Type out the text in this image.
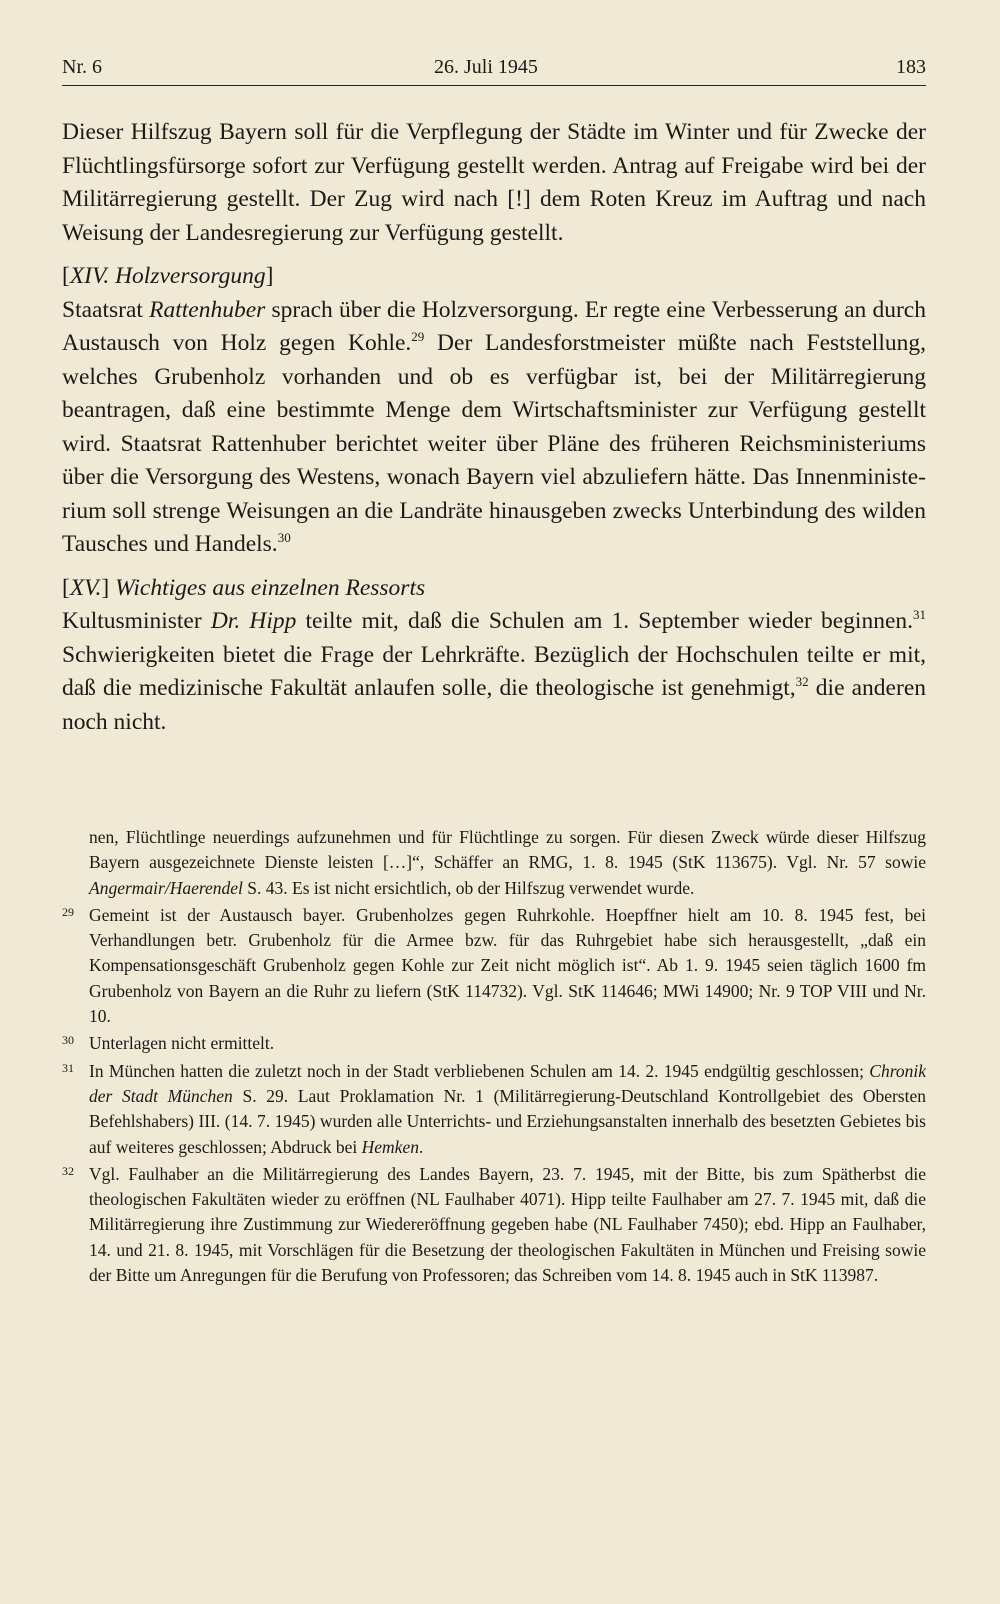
Nr. 6	26. Juli 1945	183

Dieser Hilfszug Bayern soll für die Verpflegung der Städte im Winter und für Zwecke der Flüchtlingsfürsorge sofort zur Verfügung gestellt werden. Antrag auf Freigabe wird bei der Militärregierung gestellt. Der Zug wird nach [!] dem Roten Kreuz im Auftrag und nach Weisung der Landesregierung zur Verfügung gestellt.

[XIV. Holzversorgung]

Staatsrat Rattenhuber sprach über die Holzversorgung. Er regte eine Verbesserung an durch Austausch von Holz gegen Kohle.$^{29}$ Der Landesforstmeister müßte nach Feststellung, welches Grubenholz vorhanden und ob es verfügbar ist, bei der Militärregierung beantragen, daß eine bestimmte Menge dem Wirtschaftsminister zur Verfügung gestellt wird. Staatsrat Rattenhuber berichtet weiter über Pläne des früheren Reichsministeriums über die Versorgung des Westens, wonach Bayern viel abzuliefern hätte. Das Innenministerium soll strenge Weisungen an die Landräte hinausgeben zwecks Unterbindung des wilden Tausches und Handels.$^{30}$

[XV.] Wichtiges aus einzelnen Ressorts

Kultusminister Dr. Hipp teilte mit, daß die Schulen am 1. September wieder beginnen.$^{31}$ Schwierigkeiten bietet die Frage der Lehrkräfte. Bezüglich der Hochschulen teilte er mit, daß die medizinische Fakultät anlaufen solle, die theologische ist genehmigt,$^{32}$ die anderen noch nicht.

nen, Flüchtlinge neuerdings aufzunehmen und für Flüchtlinge zu sorgen. Für diesen Zweck würde dieser Hilfszug Bayern ausgezeichnete Dienste leisten […]“, Schäffer an RMG, 1. 8. 1945 (StK 113675). Vgl. Nr. 57 sowie Angermair/Haerendel S. 43. Es ist nicht ersichtlich, ob der Hilfszug verwendet wurde.
29 Gemeint ist der Austausch bayer. Grubenholzes gegen Ruhrkohle. Hoepffner hielt am 10. 8. 1945 fest, bei Verhandlungen betr. Grubenholz für die Armee bzw. für das Ruhrgebiet habe sich herausgestellt, „daß ein Kompensationsgeschäft Grubenholz gegen Kohle zur Zeit nicht möglich ist“. Ab 1. 9. 1945 seien täglich 1600 fm Grubenholz von Bayern an die Ruhr zu liefern (StK 114732). Vgl. StK 114646; MWi 14900; Nr. 9 TOP VIII und Nr. 10.
30 Unterlagen nicht ermittelt.
31 In München hatten die zuletzt noch in der Stadt verbliebenen Schulen am 14. 2. 1945 endgültig geschlossen; Chronik der Stadt München S. 29. Laut Proklamation Nr. 1 (Militärregierung-Deutschland Kontrollgebiet des Obersten Befehlshabers) III. (14. 7. 1945) wurden alle Unterrichts- und Erziehungsanstalten innerhalb des besetzten Gebietes bis auf weiteres geschlossen; Abdruck bei Hemken.
32 Vgl. Faulhaber an die Militärregierung des Landes Bayern, 23. 7. 1945, mit der Bitte, bis zum Spätherbst die theologischen Fakultäten wieder zu eröffnen (NL Faulhaber 4071). Hipp teilte Faulhaber am 27. 7. 1945 mit, daß die Militärregierung ihre Zustimmung zur Wiedereröffnung gegeben habe (NL Faulhaber 7450); ebd. Hipp an Faulhaber, 14. und 21. 8. 1945, mit Vorschlägen für die Besetzung der theologischen Fakultäten in München und Freising sowie der Bitte um Anregungen für die Berufung von Professoren; das Schreiben vom 14. 8. 1945 auch in StK 113987.
